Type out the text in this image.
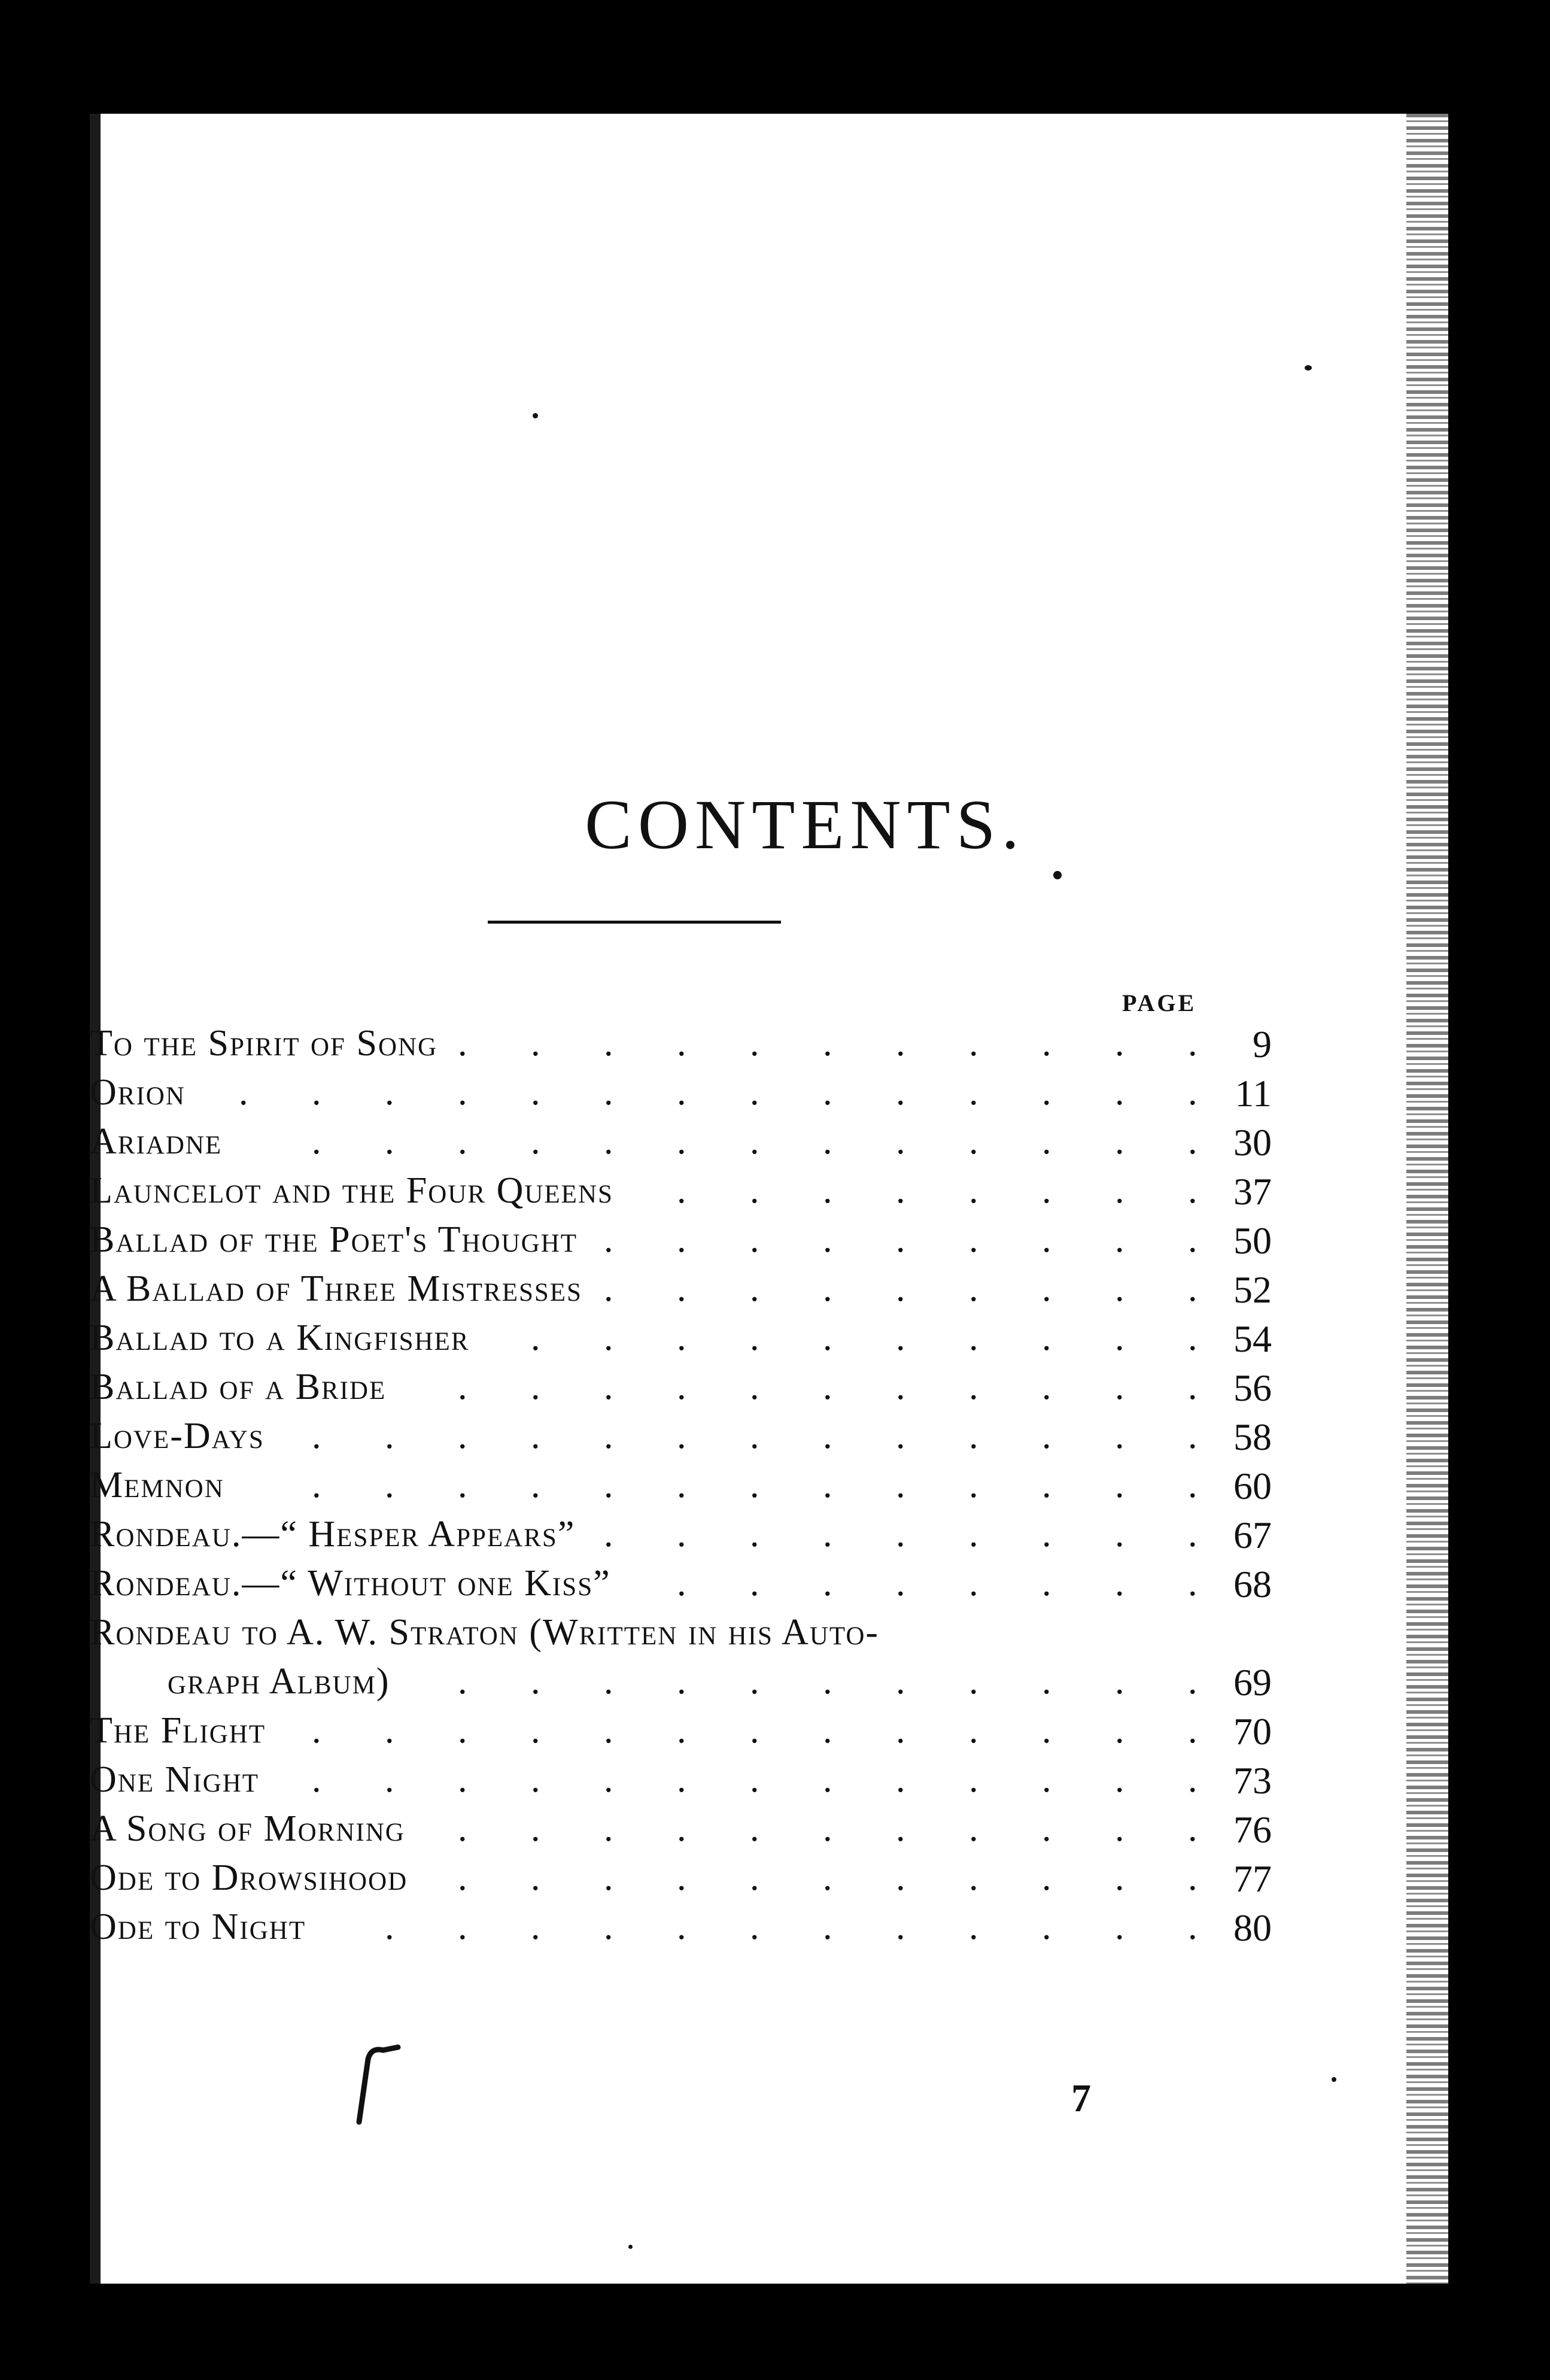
CONTENTS.
PAGE
To the Spirit of Song	9
.
.
.
.
.
.
.
.
.
.
.
Orion	11
.
.
.
.
.
.
.
.
.
.
.
.
.
.
Ariadne	30
.
.
.
.
.
.
.
.
.
.
.
.
.
Launcelot and the Four Queens	37
.
.
.
.
.
.
.
.
Ballad of the Poet's Thought	50
.
.
.
.
.
.
.
.
.
A Ballad of Three Mistresses	52
.
.
.
.
.
.
.
.
.
Ballad to a Kingfisher	54
.
.
.
.
.
.
.
.
.
.
Ballad of a Bride	56
.
.
.
.
.
.
.
.
.
.
.
Love-Days	58
.
.
.
.
.
.
.
.
.
.
.
.
.
Memnon	60
.
.
.
.
.
.
.
.
.
.
.
.
.
Rondeau.—“ Hesper Appears”	67
.
.
.
.
.
.
.
.
.
Rondeau.—“ Without one Kiss”	68
.
.
.
.
.
.
.
.
Rondeau to A. W. Straton (Written in his Auto-
graph Album)	69
.
.
.
.
.
.
.
.
.
.
.
The Flight	70
.
.
.
.
.
.
.
.
.
.
.
.
.
One Night	73
.
.
.
.
.
.
.
.
.
.
.
.
.
A Song of Morning	76
.
.
.
.
.
.
.
.
.
.
.
Ode to Drowsihood	77
.
.
.
.
.
.
.
.
.
.
.
Ode to Night	80
.
.
.
.
.
.
.
.
.
.
.
.
7
